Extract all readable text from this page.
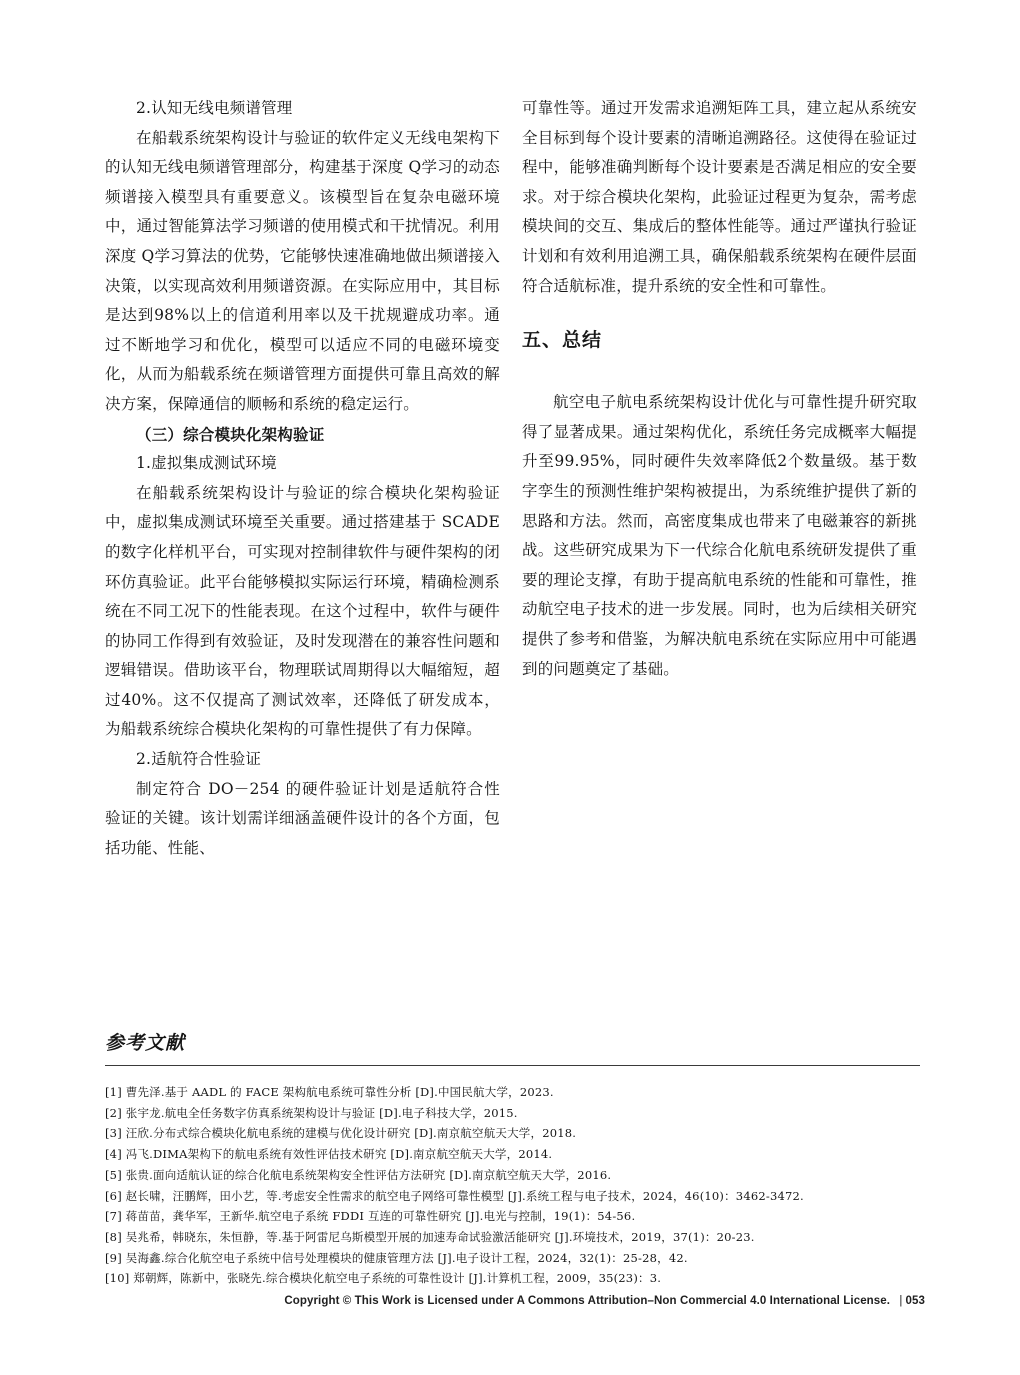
2.认知无线电频谱管理

在船载系统架构设计与验证的软件定义无线电架构下的认知无线电频谱管理部分，构建基于深度 Q学习的动态频谱接入模型具有重要意义。该模型旨在复杂电磁环境中，通过智能算法学习频谱的使用模式和干扰情况。利用深度 Q学习算法的优势，它能够快速准确地做出频谱接入决策，以实现高效利用频谱资源。在实际应用中，其目标是达到98%以上的信道利用率以及干扰规避成功率。通过不断地学习和优化，模型可以适应不同的电磁环境变化，从而为船载系统在频谱管理方面提供可靠且高效的解决方案，保障通信的顺畅和系统的稳定运行。

（三）综合模块化架构验证

1.虚拟集成测试环境

在船载系统架构设计与验证的综合模块化架构验证中，虚拟集成测试环境至关重要。通过搭建基于 SCADE 的数字化样机平台，可实现对控制律软件与硬件架构的闭环仿真验证。此平台能够模拟实际运行环境，精确检测系统在不同工况下的性能表现。在这个过程中，软件与硬件的协同工作得到有效验证，及时发现潜在的兼容性问题和逻辑错误。借助该平台，物理联试周期得以大幅缩短，超过40%。这不仅提高了测试效率，还降低了研发成本，为船载系统综合模块化架构的可靠性提供了有力保障。

2.适航符合性验证

制定符合 DO－254 的硬件验证计划是适航符合性验证的关键。该计划需详细涵盖硬件设计的各个方面，包括功能、性能、

可靠性等。通过开发需求追溯矩阵工具，建立起从系统安全目标到每个设计要素的清晰追溯路径。这使得在验证过程中，能够准确判断每个设计要素是否满足相应的安全要求。对于综合模块化架构，此验证过程更为复杂，需考虑模块间的交互、集成后的整体性能等。通过严谨执行验证计划和有效利用追溯工具，确保船载系统架构在硬件层面符合适航标准，提升系统的安全性和可靠性。

五、总结

航空电子航电系统架构设计优化与可靠性提升研究取得了显著成果。通过架构优化，系统任务完成概率大幅提升至99.95%，同时硬件失效率降低2个数量级。基于数字孪生的预测性维护架构被提出，为系统维护提供了新的思路和方法。然而，高密度集成也带来了电磁兼容的新挑战。这些研究成果为下一代综合化航电系统研发提供了重要的理论支撑，有助于提高航电系统的性能和可靠性，推动航空电子技术的进一步发展。同时，也为后续相关研究提供了参考和借鉴，为解决航电系统在实际应用中可能遇到的问题奠定了基础。

参考文献

[1] 曹先泽.基于 AADL 的 FACE 架构航电系统可靠性分析 [D].中国民航大学，2023.

[2] 张宇龙.航电全任务数字仿真系统架构设计与验证 [D].电子科技大学，2015.

[3] 汪欣.分布式综合模块化航电系统的建模与优化设计研究 [D].南京航空航天大学，2018.

[4] 冯飞.DIMA架构下的航电系统有效性评估技术研究 [D].南京航空航天大学，2014.

[5] 张贵.面向适航认证的综合化航电系统架构安全性评估方法研究 [D].南京航空航天大学，2016.

[6] 赵长啸，汪鹏辉，田小艺，等.考虑安全性需求的航空电子网络可靠性模型 [J].系统工程与电子技术，2024，46(10)：3462-3472.

[7] 蒋苗苗，龚华军，王新华.航空电子系统 FDDI 互连的可靠性研究 [J].电光与控制，19(1)：54-56.

[8] 吴兆希，韩晓东，朱恒静，等.基于阿雷尼乌斯模型开展的加速寿命试验激活能研究 [J].环境技术，2019，37(1)：20-23.

[9] 吴海鑫.综合化航空电子系统中信号处理模块的健康管理方法 [J].电子设计工程，2024，32(1)：25-28，42.

[10] 郑朝辉，陈新中，张晓先.综合模块化航空电子系统的可靠性设计 [J].计算机工程，2009，35(23)：3.

Copyright © This Work is Licensed under A Commons Attribution–Non Commercial 4.0 International License. | 053
